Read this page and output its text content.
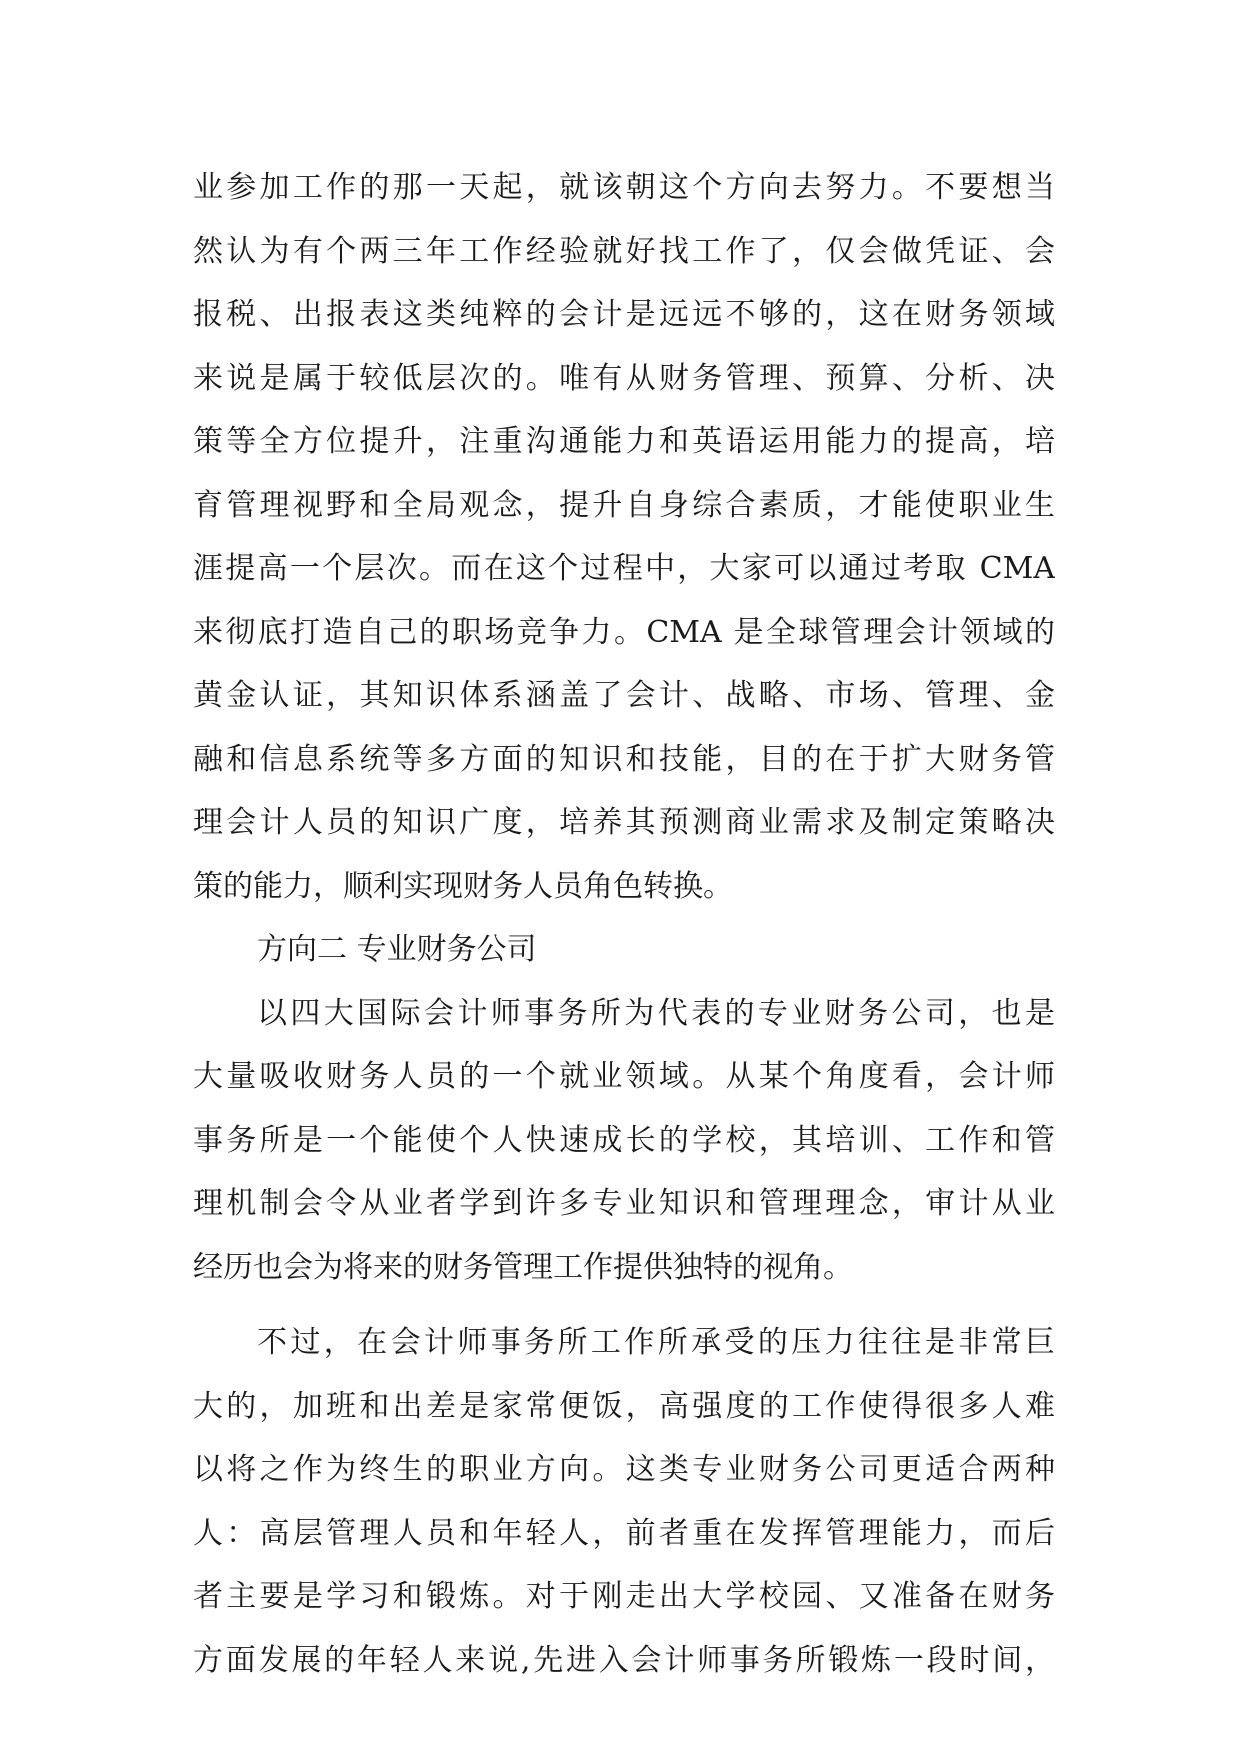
业参加工作的那一天起，就该朝这个方向去努力。不要想当
然认为有个两三年工作经验就好找工作了，仅会做凭证、会
报税、出报表这类纯粹的会计是远远不够的，这在财务领域
来说是属于较低层次的。唯有从财务管理、预算、分析、决
策等全方位提升，注重沟通能力和英语运用能力的提高，培
育管理视野和全局观念，提升自身综合素质，才能使职业生
涯提高一个层次。而在这个过程中，大家可以通过考取 CMA
来彻底打造自己的职场竞争力。CMA 是全球管理会计领域的
黄金认证，其知识体系涵盖了会计、战略、市场、管理、金
融和信息系统等多方面的知识和技能，目的在于扩大财务管
理会计人员的知识广度，培养其预测商业需求及制定策略决
策的能力，顺利实现财务人员角色转换。
方向二 专业财务公司
以四大国际会计师事务所为代表的专业财务公司，也是
大量吸收财务人员的一个就业领域。从某个角度看，会计师
事务所是一个能使个人快速成长的学校，其培训、工作和管
理机制会令从业者学到许多专业知识和管理理念，审计从业
经历也会为将来的财务管理工作提供独特的视角。
不过，在会计师事务所工作所承受的压力往往是非常巨
大的，加班和出差是家常便饭，高强度的工作使得很多人难
以将之作为终生的职业方向。这类专业财务公司更适合两种
人：高层管理人员和年轻人，前者重在发挥管理能力，而后
者主要是学习和锻炼。对于刚走出大学校园、又准备在财务
方面发展的年轻人来说,先进入会计师事务所锻炼一段时间，
